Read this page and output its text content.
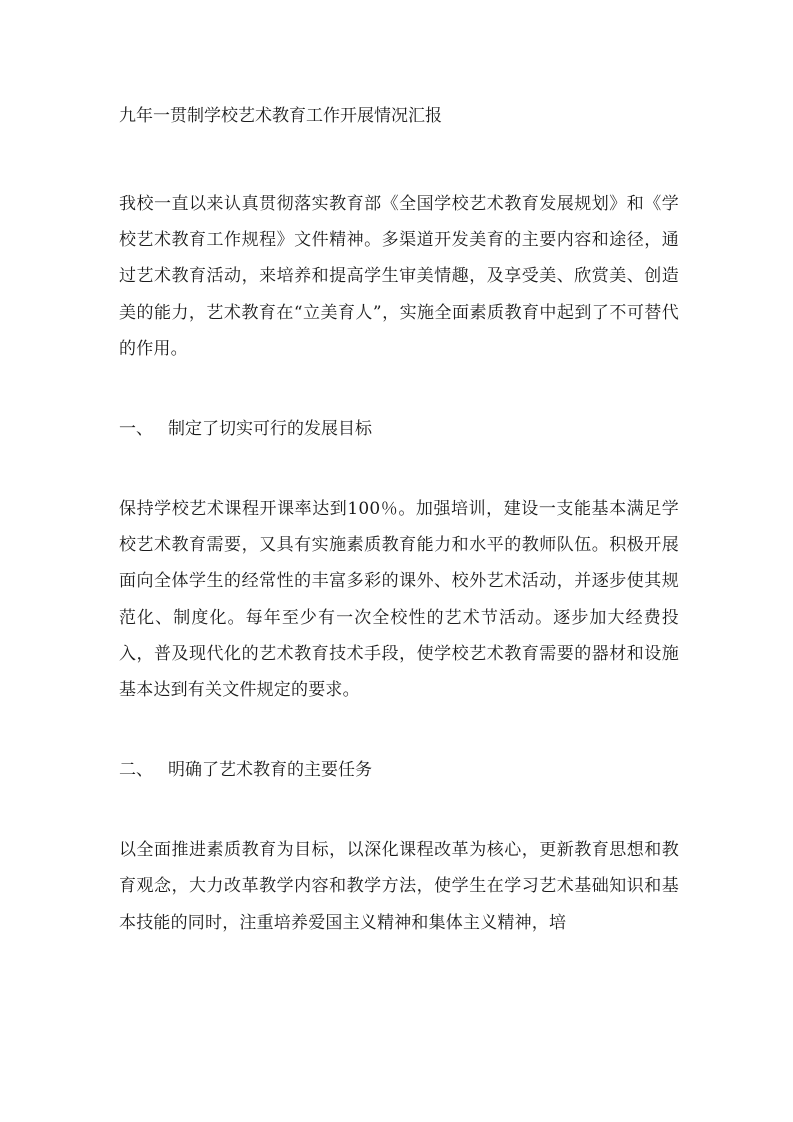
九年一贯制学校艺术教育工作开展情况汇报

我校一直以来认真贯彻落实教育部《全国学校艺术教育发展规划》和《学校艺术教育工作规程》文件精神。多渠道开发美育的主要内容和途径，通过艺术教育活动，来培养和提高学生审美情趣，及享受美、欣赏美、创造美的能力，艺术教育在“立美育人”，实施全面素质教育中起到了不可替代的作用。

一、 制定了切实可行的发展目标

保持学校艺术课程开课率达到100％。加强培训，建设一支能基本满足学校艺术教育需要，又具有实施素质教育能力和水平的教师队伍。积极开展面向全体学生的经常性的丰富多彩的课外、校外艺术活动，并逐步使其规范化、制度化。每年至少有一次全校性的艺术节活动。逐步加大经费投入，普及现代化的艺术教育技术手段，使学校艺术教育需要的器材和设施基本达到有关文件规定的要求。

二、 明确了艺术教育的主要任务

以全面推进素质教育为目标，以深化课程改革为核心，更新教育思想和教育观念，大力改革教学内容和教学方法，使学生在学习艺术基础知识和基本技能的同时，注重培养爱国主义精神和集体主义精神，培
